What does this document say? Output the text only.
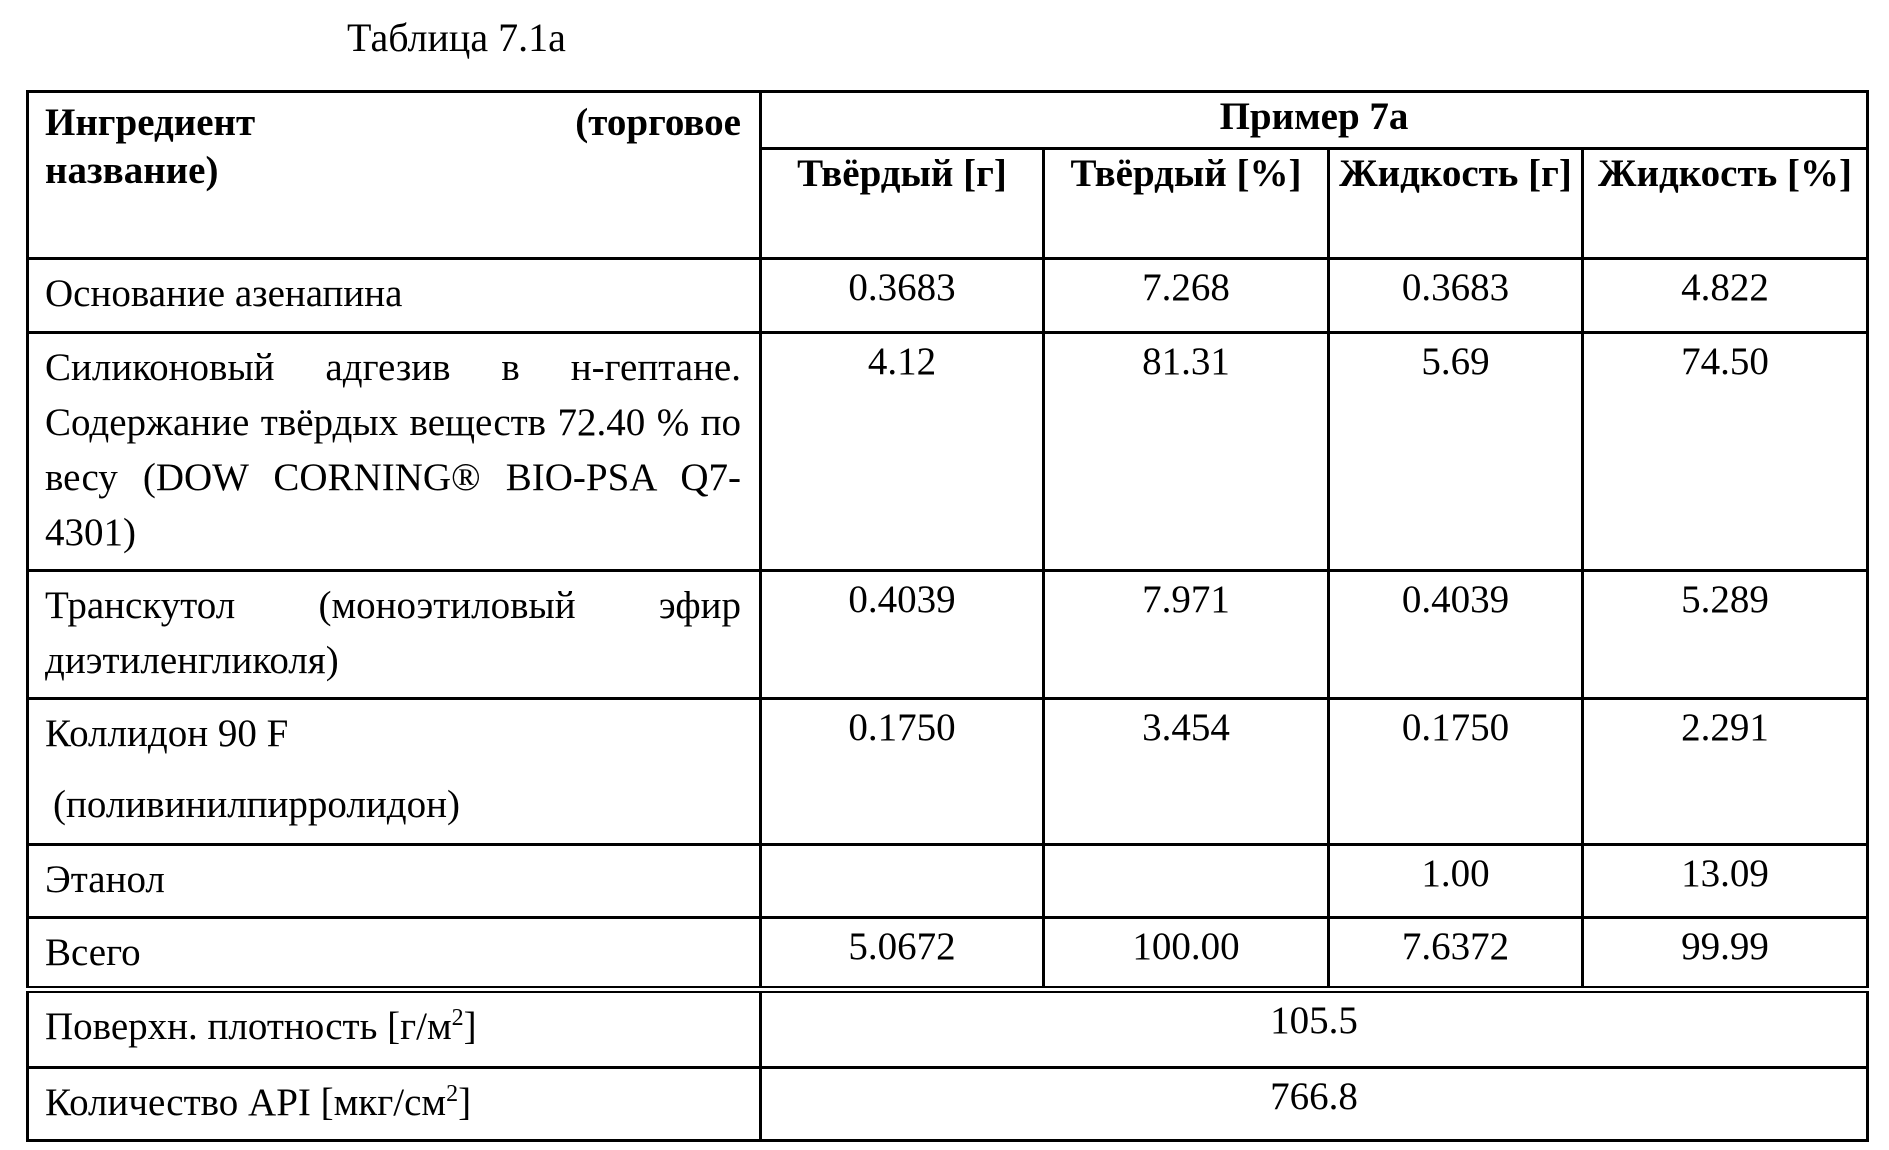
Таблица 7.1а
Ингредиент	(торговое
название)
	Пример 7а
Твёрдый [г]	Твёрдый [%]	Жидкость [г]	Жидкость [%]
Основание азенапина	0.3683	7.268	0.3683	4.822
Силиконовый адгезив в н-гептане. Содержание твёрдых веществ 72.40 % по весу (DOW CORNING® BIO-PSA Q7-4301)	4.12	81.31	5.69	74.50
Транскутол (моноэтиловый эфир диэтиленгликоля)	0.4039	7.971	0.4039	5.289

Коллидон 90 F
(поливинилпирролидон)
	0.1750	3.454	0.1750	2.291
Этанол			1.00	13.09
Всего	5.0672	100.00	7.6372	99.99
Поверхн. плотность [г/м2]	105.5
Количество API [мкг/см2]	766.8
